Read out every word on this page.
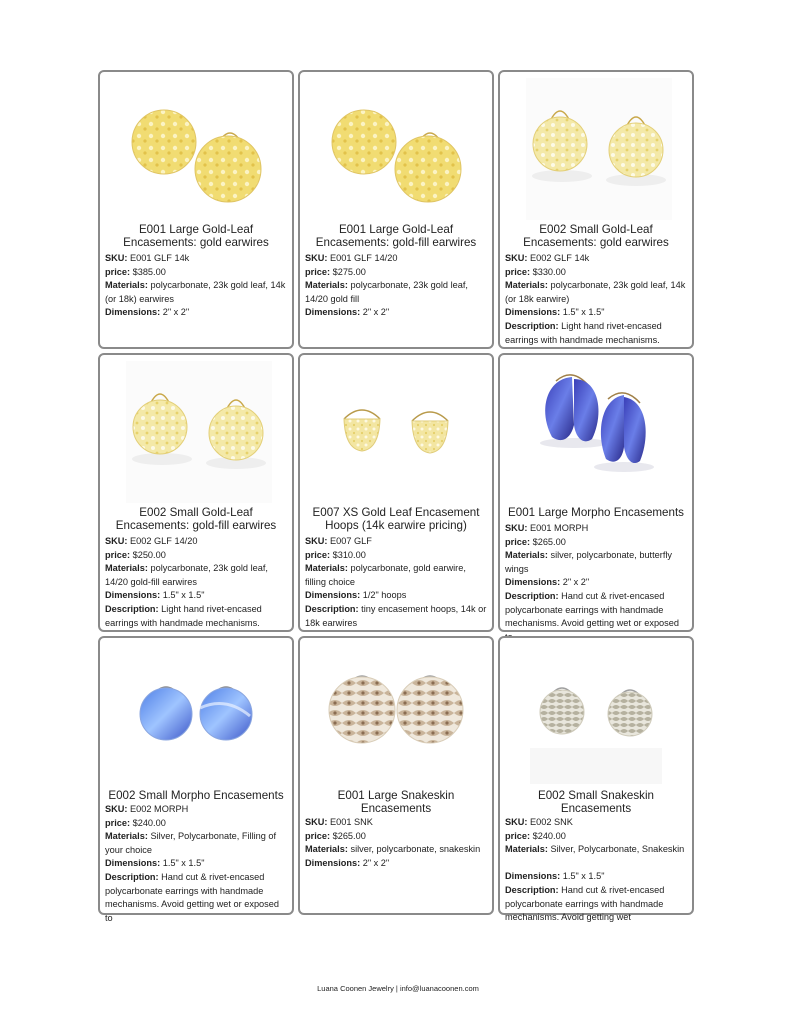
E001 Large Gold-Leaf Encasements: gold earwires
SKU: E001 GLF 14k
price: $385.00
Materials: polycarbonate, 23k gold leaf, 14k (or 18k) earwires
Dimensions: 2" x 2"
E001 Large Gold-Leaf Encasements: gold-fill earwires
SKU: E001 GLF 14/20
price: $275.00
Materials: polycarbonate, 23k gold leaf, 14/20 gold fill
Dimensions: 2" x 2"
E002 Small Gold-Leaf Encasements: gold earwires
SKU: E002 GLF 14k
price: $330.00
Materials: polycarbonate, 23k gold leaf, 14k (or 18k earwire)
Dimensions: 1.5" x 1.5"
Description: Light hand rivet-encased earrings with handmade mechanisms.
E002 Small Gold-Leaf Encasements: gold-fill earwires
SKU: E002 GLF 14/20
price: $250.00
Materials: polycarbonate, 23k gold leaf, 14/20 gold-fill earwires
Dimensions: 1.5" x 1.5"
Description: Light hand rivet-encased earrings with handmade mechanisms.
E007 XS Gold Leaf Encasement Hoops (14k earwire pricing)
SKU: E007 GLF
price: $310.00
Materials: polycarbonate, gold earwire, filling choice
Dimensions: 1/2" hoops
Description: tiny encasement hoops, 14k or 18k earwires
E001 Large Morpho Encasements
SKU: E001 MORPH
price: $265.00
Materials: silver, polycarbonate, butterfly wings
Dimensions: 2" x 2"
Description: Hand cut & rivet-encased polycarbonate earrings with handmade mechanisms. Avoid getting wet or exposed
E002 Small Morpho Encasements
SKU: E002 MORPH
price: $240.00
Materials: Silver, Polycarbonate, Filling of your choice
Dimensions: 1.5" x 1.5"
Description: Hand cut & rivet-encased polycarbonate earrings with handmade mechanisms. Avoid getting wet or exposed to
E001 Large Snakeskin Encasements
SKU: E001 SNK
price: $265.00
Materials: silver, polycarbonate, snakeskin
Dimensions: 2" x 2"
E002 Small Snakeskin Encasements
SKU: E002 SNK
price: $240.00
Materials: Silver, Polycarbonate, Snakeskin
Dimensions: 1.5" x 1.5"
Description: Hand cut & rivet-encased polycarbonate earrings with handmade mechanisms. Avoid getting wet
Luana Coonen Jewelry | info@luanacoonen.com
